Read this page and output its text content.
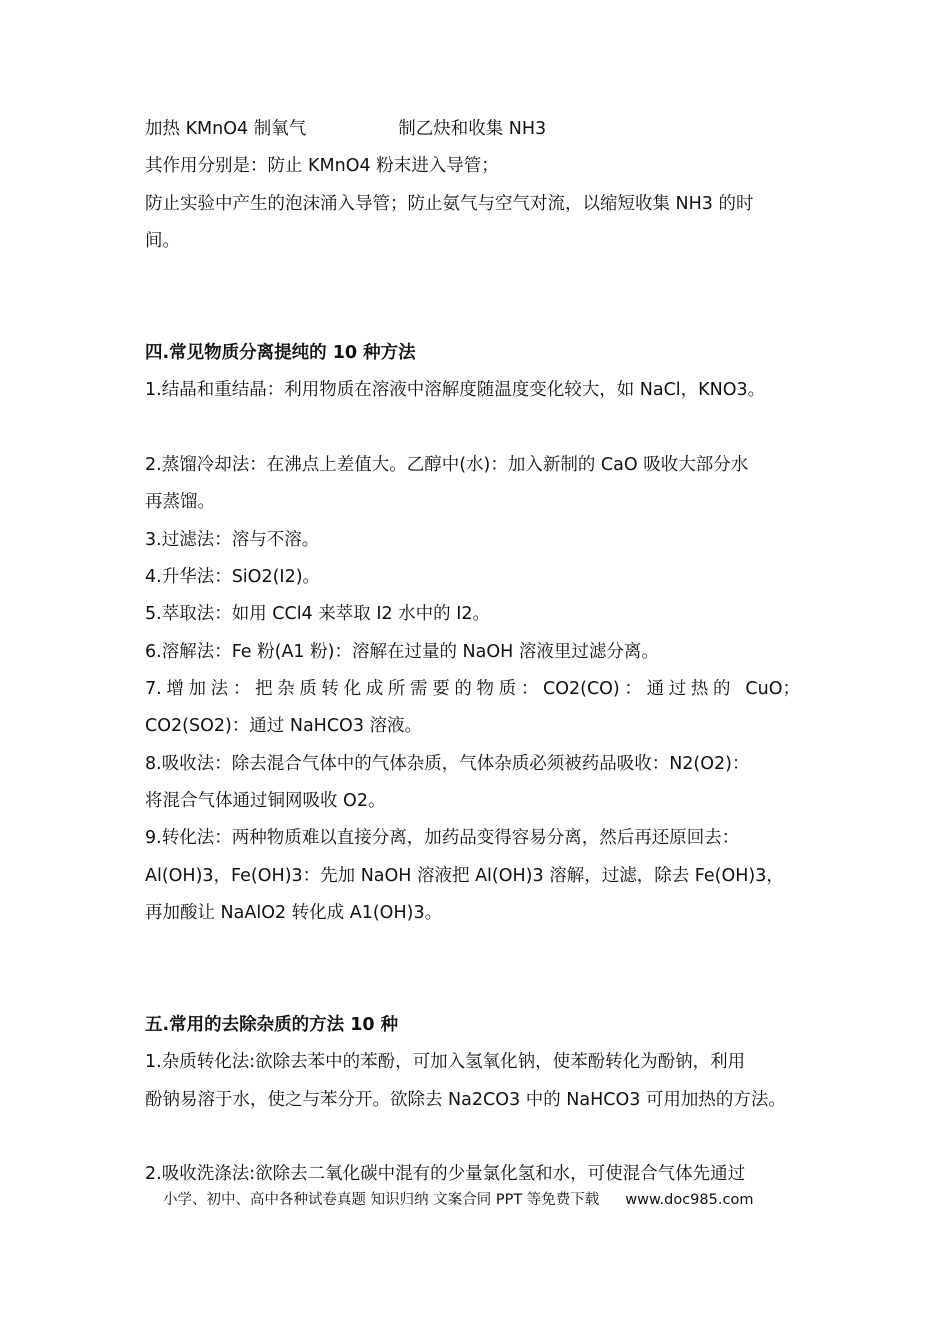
加热 KMnO4 制氧气	制乙炔和收集 NH3
其作用分别是：防止 KMnO4 粉末进入导管；
防止实验中产生的泡沫涌入导管；防止氨气与空气对流，以缩短收集 NH3 的时
间。
四.常见物质分离提纯的 10 种方法
1.结晶和重结晶：利用物质在溶液中溶解度随温度变化较大，如 NaCl，KNO3。
2.蒸馏冷却法：在沸点上差值大。乙醇中(水)：加入新制的 CaO 吸收大部分水
再蒸馏。
3.过滤法：溶与不溶。
4.升华法：SiO2(I2)。
5.萃取法：如用 CCl4 来萃取 I2 水中的 I2。
6.溶解法：Fe 粉(A1 粉)：溶解在过量的 NaOH 溶液里过滤分离。
7.增加法：把杂质转化成所需要的物质：CO2(CO)：通过热的 CuO；
CO2(SO2)：通过 NaHCO3 溶液。
8.吸收法：除去混合气体中的气体杂质，气体杂质必须被药品吸收：N2(O2)：
将混合气体通过铜网吸收 O2。
9.转化法：两种物质难以直接分离，加药品变得容易分离，然后再还原回去：
Al(OH)3，Fe(OH)3：先加 NaOH 溶液把 Al(OH)3 溶解，过滤，除去 Fe(OH)3，
再加酸让 NaAlO2 转化成 A1(OH)3。
五.常用的去除杂质的方法 10 种
1.杂质转化法:欲除去苯中的苯酚，可加入氢氧化钠，使苯酚转化为酚钠，利用
酚钠易溶于水，使之与苯分开。欲除去 Na2CO3 中的 NaHCO3 可用加热的方法。
2.吸收洗涤法:欲除去二氧化碳中混有的少量氯化氢和水，可使混合气体先通过
小学、初中、高中各种试卷真题 知识归纳 文案合同 PPT 等免费下载 www.doc985.com
